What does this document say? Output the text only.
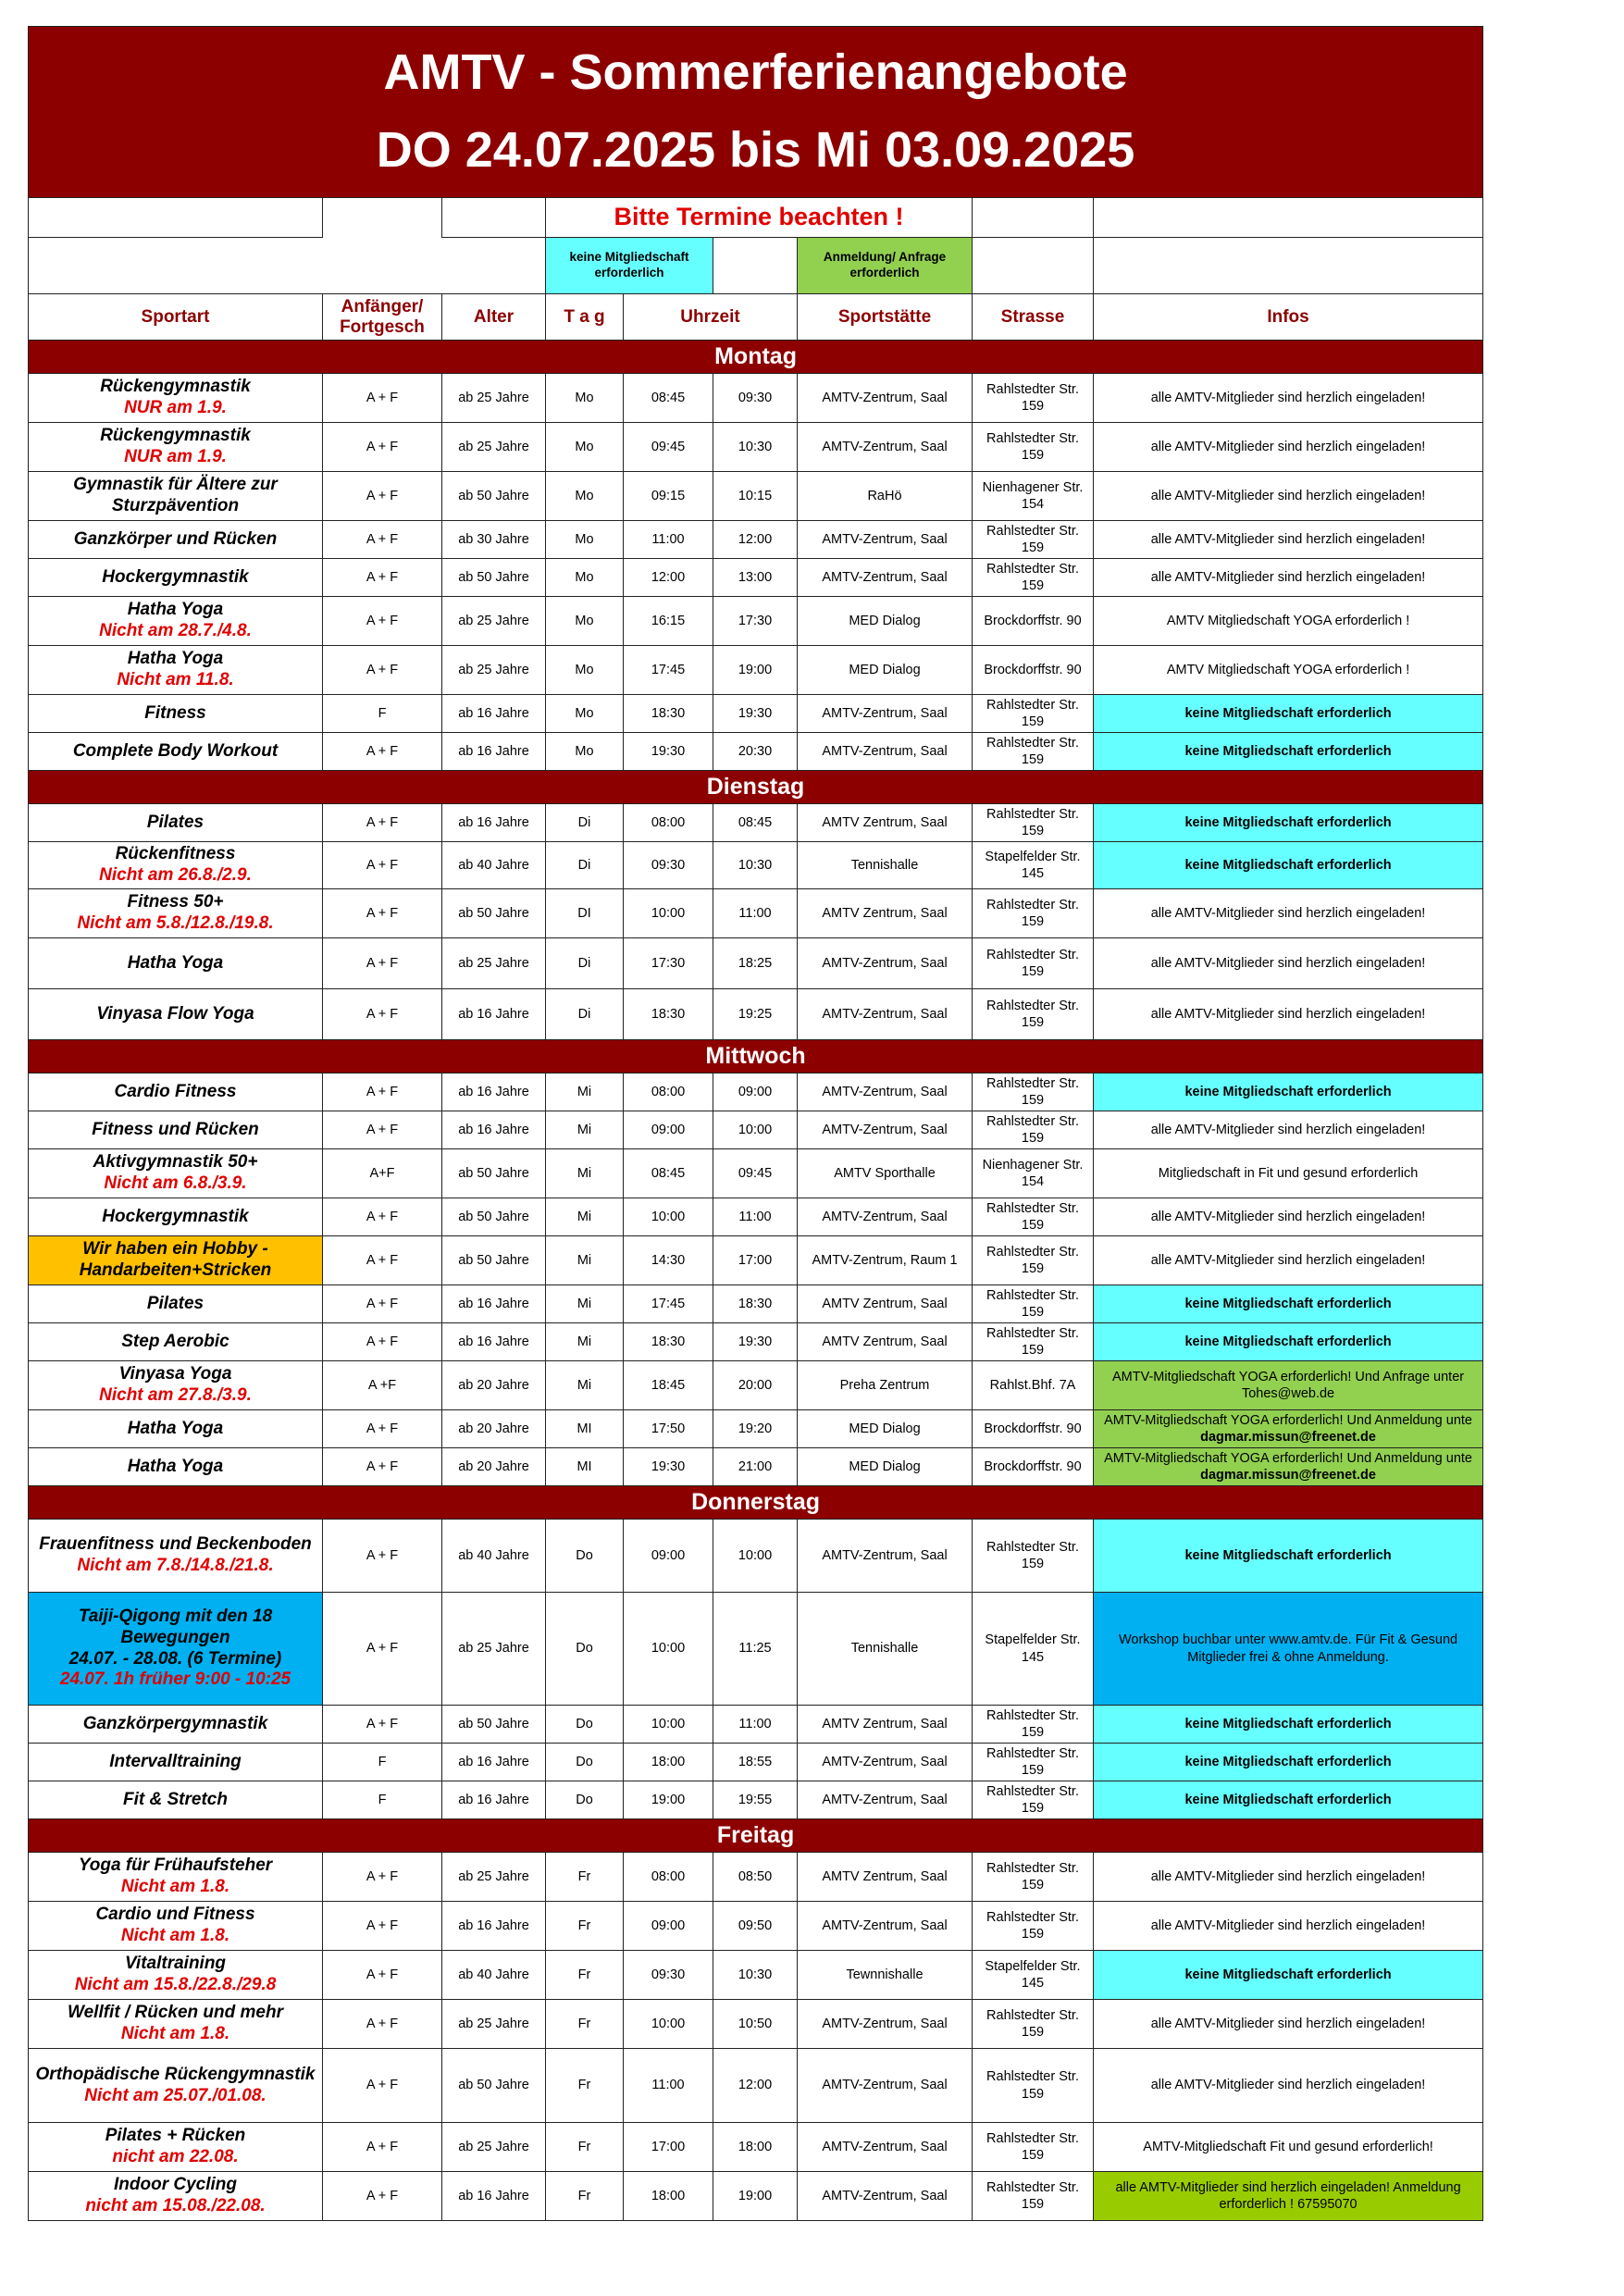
AMTV - Sommerferienangebote
DO 24.07.2025 bis Mi 03.09.2025								

			Bitte Termine beachten !					
			keine Mitgliedschaft erforderlich			Anmeldung/ Anfrage erforderlich		
Sportart	Anfänger/ Fortgesch	Alter	T a g	Uhrzeit		Sportstätte	Strasse	Infos
Montag								

Rückengymnastik
NUR am 1.9.	A + F	ab 25 Jahre	Mo	08:45	09:30	AMTV-Zentrum, Saal	Rahlstedter Str. 159	alle AMTV-Mitglieder sind herzlich eingeladen!

Rückengymnastik
NUR am 1.9.	A + F	ab 25 Jahre	Mo	09:45	10:30	AMTV-Zentrum, Saal	Rahlstedter Str. 159	alle AMTV-Mitglieder sind herzlich eingeladen!

Gymnastik für Ältere zur Sturzpävention	A + F	ab 50 Jahre	Mo	09:15	10:15	RaHö	Nienhagener Str. 154	alle AMTV-Mitglieder sind herzlich eingeladen!

Ganzkörper und Rücken	A + F	ab 30 Jahre	Mo	11:00	12:00	AMTV-Zentrum, Saal	Rahlstedter Str. 159	alle AMTV-Mitglieder sind herzlich eingeladen!

Hockergymnastik	A + F	ab 50 Jahre	Mo	12:00	13:00	AMTV-Zentrum, Saal	Rahlstedter Str. 159	alle AMTV-Mitglieder sind herzlich eingeladen!

Hatha Yoga
Nicht am 28.7./4.8.	A + F	ab 25 Jahre	Mo	16:15	17:30	MED Dialog	Brockdorffstr. 90	AMTV Mitgliedschaft YOGA erforderlich !

Hatha Yoga
Nicht am 11.8.	A + F	ab 25 Jahre	Mo	17:45	19:00	MED Dialog	Brockdorffstr. 90	AMTV Mitgliedschaft YOGA erforderlich !

Fitness	F	ab 16 Jahre	Mo	18:30	19:30	AMTV-Zentrum, Saal	Rahlstedter Str. 159	keine Mitgliedschaft erforderlich

Complete Body Workout	A + F	ab 16 Jahre	Mo	19:30	20:30	AMTV-Zentrum, Saal	Rahlstedter Str. 159	keine Mitgliedschaft erforderlich
Dienstag								

Pilates	A + F	ab 16 Jahre	Di	08:00	08:45	AMTV Zentrum, Saal	Rahlstedter Str. 159	keine Mitgliedschaft erforderlich

Rückenfitness
Nicht am 26.8./2.9.	A + F	ab 40 Jahre	Di	09:30	10:30	Tennishalle	Stapelfelder Str. 145	keine Mitgliedschaft erforderlich

Fitness 50+
Nicht am 5.8./12.8./19.8.	A + F	ab 50 Jahre	DI	10:00	11:00	AMTV Zentrum, Saal	Rahlstedter Str. 159	alle AMTV-Mitglieder sind herzlich eingeladen!

Hatha Yoga	A + F	ab 25 Jahre	Di	17:30	18:25	AMTV-Zentrum, Saal	Rahlstedter Str. 159	alle AMTV-Mitglieder sind herzlich eingeladen!

Vinyasa Flow Yoga	A + F	ab 16 Jahre	Di	18:30	19:25	AMTV-Zentrum, Saal	Rahlstedter Str. 159	alle AMTV-Mitglieder sind herzlich eingeladen!
Mittwoch								

Cardio Fitness	A + F	ab 16 Jahre	Mi	08:00	09:00	AMTV-Zentrum, Saal	Rahlstedter Str. 159	keine Mitgliedschaft erforderlich

Fitness und Rücken	A + F	ab 16 Jahre	Mi	09:00	10:00	AMTV-Zentrum, Saal	Rahlstedter Str. 159	alle AMTV-Mitglieder sind herzlich eingeladen!

Aktivgymnastik 50+
Nicht am 6.8./3.9.	A+F	ab 50 Jahre	Mi	08:45	09:45	AMTV Sporthalle	Nienhagener Str. 154	Mitgliedschaft in Fit und gesund erforderlich

Hockergymnastik	A + F	ab 50 Jahre	Mi	10:00	11:00	AMTV-Zentrum, Saal	Rahlstedter Str. 159	alle AMTV-Mitglieder sind herzlich eingeladen!

Wir haben ein Hobby - Handarbeiten+Stricken	A + F	ab 50 Jahre	Mi	14:30	17:00	AMTV-Zentrum, Raum 1	Rahlstedter Str. 159	alle AMTV-Mitglieder sind herzlich eingeladen!

Pilates	A + F	ab 16 Jahre	Mi	17:45	18:30	AMTV Zentrum, Saal	Rahlstedter Str. 159	keine Mitgliedschaft erforderlich

Step Aerobic	A + F	ab 16 Jahre	Mi	18:30	19:30	AMTV Zentrum, Saal	Rahlstedter Str. 159	keine Mitgliedschaft erforderlich

Vinyasa Yoga
Nicht am 27.8./3.9.	A +F	ab 20 Jahre	Mi	18:45	20:00	Preha Zentrum	Rahlst.Bhf. 7A	AMTV-Mitgliedschaft YOGA erforderlich! Und Anfrage unter Tohes@web.de

Hatha Yoga	A + F	ab 20 Jahre	MI	17:50	19:20	MED Dialog	Brockdorffstr. 90	AMTV-Mitgliedschaft YOGA erforderlich! Und Anmeldung unte dagmar.missun@freenet.de

Hatha Yoga	A + F	ab 20 Jahre	MI	19:30	21:00	MED Dialog	Brockdorffstr. 90	AMTV-Mitgliedschaft YOGA erforderlich! Und Anmeldung unte dagmar.missun@freenet.de
Donnerstag								

Frauenfitness und Beckenboden
Nicht am 7.8./14.8./21.8.	A + F	ab 40 Jahre	Do	09:00	10:00	AMTV-Zentrum, Saal	Rahlstedter Str. 159	keine Mitgliedschaft erforderlich

Taiji-Qigong mit den 18 Bewegungen
24.07. - 28.08. (6 Termine)
24.07. 1h früher 9:00 - 10:25	A + F	ab 25 Jahre	Do	10:00	11:25	Tennishalle	Stapelfelder Str. 145	Workshop buchbar unter www.amtv.de. Für Fit & Gesund Mitglieder frei & ohne Anmeldung.

Ganzkörpergymnastik	A + F	ab 50 Jahre	Do	10:00	11:00	AMTV Zentrum, Saal	Rahlstedter Str. 159	keine Mitgliedschaft erforderlich

Intervalltraining	F	ab 16 Jahre	Do	18:00	18:55	AMTV-Zentrum, Saal	Rahlstedter Str. 159	keine Mitgliedschaft erforderlich

Fit & Stretch	F	ab 16 Jahre	Do	19:00	19:55	AMTV-Zentrum, Saal	Rahlstedter Str. 159	keine Mitgliedschaft erforderlich
Freitag								

Yoga für Frühaufsteher
Nicht am 1.8.	A + F	ab 25 Jahre	Fr	08:00	08:50	AMTV Zentrum, Saal	Rahlstedter Str. 159	alle AMTV-Mitglieder sind herzlich eingeladen!

Cardio und Fitness
Nicht am 1.8.	A + F	ab 16 Jahre	Fr	09:00	09:50	AMTV-Zentrum, Saal	Rahlstedter Str. 159	alle AMTV-Mitglieder sind herzlich eingeladen!

Vitaltraining
Nicht am 15.8./22.8./29.8	A + F	ab 40 Jahre	Fr	09:30	10:30	Tewnnishalle	Stapelfelder Str. 145	keine Mitgliedschaft erforderlich

Wellfit / Rücken und mehr
Nicht am 1.8.	A + F	ab 25 Jahre	Fr	10:00	10:50	AMTV-Zentrum, Saal	Rahlstedter Str. 159	alle AMTV-Mitglieder sind herzlich eingeladen!

Orthopädische Rückengymnastik
Nicht am 25.07./01.08.	A + F	ab 50 Jahre	Fr	11:00	12:00	AMTV-Zentrum, Saal	Rahlstedter Str. 159	alle AMTV-Mitglieder sind herzlich eingeladen!

Pilates + Rücken
nicht am 22.08.	A + F	ab 25 Jahre	Fr	17:00	18:00	AMTV-Zentrum, Saal	Rahlstedter Str. 159	AMTV-Mitgliedschaft Fit und gesund erforderlich!

Indoor Cycling
nicht am 15.08./22.08.	A + F	ab 16 Jahre	Fr	18:00	19:00	AMTV-Zentrum, Saal	Rahlstedter Str. 159	alle AMTV-Mitglieder sind herzlich eingeladen! Anmeldung erforderlich ! 67595070
